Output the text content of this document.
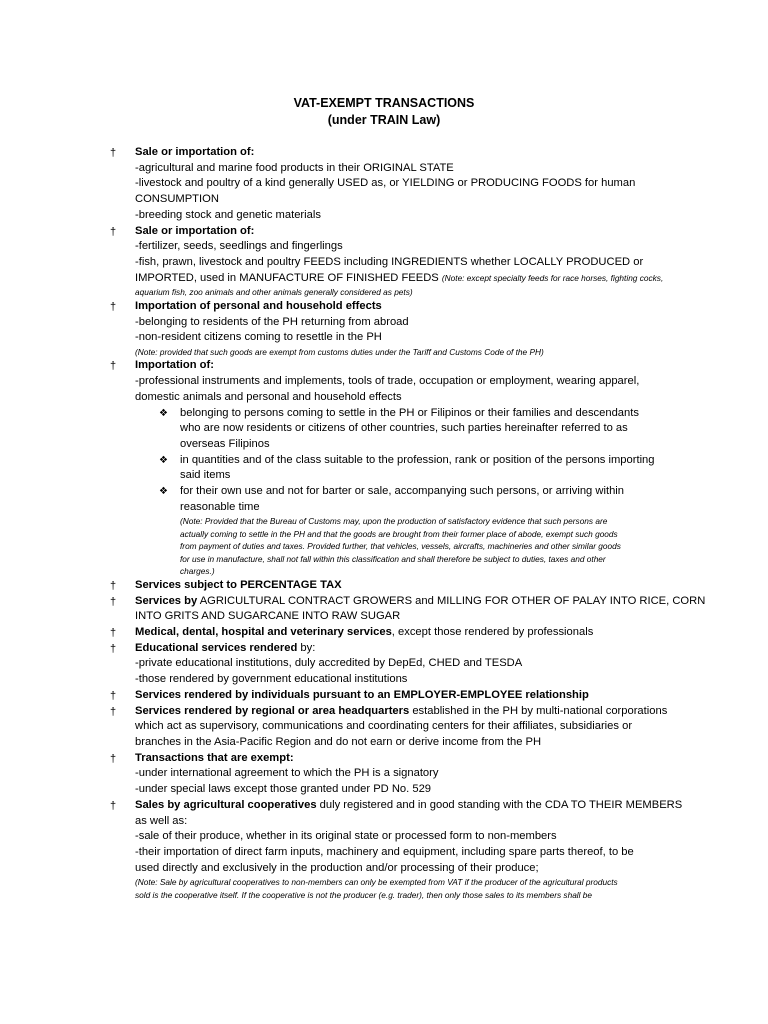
VAT-EXEMPT TRANSACTIONS
(under TRAIN Law)
†	Sale or importation of:
-agricultural and marine food products in their ORIGINAL STATE
-livestock and poultry of a kind generally USED as, or YIELDING or PRODUCING FOODS for human
CONSUMPTION
-breeding stock and genetic materials
†	Sale or importation of:
-fertilizer, seeds, seedlings and fingerlings
-fish, prawn, livestock and poultry FEEDS including INGREDIENTS whether LOCALLY PRODUCED or
IMPORTED, used in MANUFACTURE OF FINISHED FEEDS (Note: except specialty feeds for race horses, fighting cocks,
aquarium fish, zoo animals and other animals generally considered as pets)
†	Importation of personal and household effects
-belonging to residents of the PH returning from abroad
-non-resident citizens coming to resettle in the PH
(Note: provided that such goods are exempt from customs duties under the Tariff and Customs Code of the PH)
†	Importation of:
-professional instruments and implements, tools of trade, occupation or employment, wearing apparel,
domestic animals and personal and household effects
❖ belonging to persons coming to settle in the PH or Filipinos or their families and descendants
who are now residents or citizens of other countries, such parties hereinafter referred to as
overseas Filipinos
❖ in quantities and of the class suitable to the profession, rank or position of the persons importing
said items
❖ for their own use and not for barter or sale, accompanying such persons, or arriving within
reasonable time
(Note: Provided that the Bureau of Customs may, upon the production of satisfactory evidence that such persons are
actually coming to settle in the PH and that the goods are brought from their former place of abode, exempt such goods
from payment of duties and taxes. Provided further, that vehicles, vessels, aircrafts, machineries and other similar goods
for use in manufacture, shall not fall within this classification and shall therefore be subject to duties, taxes and other
charges.)
†	Services subject to PERCENTAGE TAX
†	Services by AGRICULTURAL CONTRACT GROWERS and MILLING FOR OTHER OF PALAY INTO RICE, CORN
INTO GRITS AND SUGARCANE INTO RAW SUGAR
†	Medical, dental, hospital and veterinary services, except those rendered by professionals
†	Educational services rendered by:
-private educational institutions, duly accredited by DepEd, CHED and TESDA
-those rendered by government educational institutions
†	Services rendered by individuals pursuant to an EMPLOYER-EMPLOYEE relationship
†	Services rendered by regional or area headquarters established in the PH by multi-national corporations
which act as supervisory, communications and coordinating centers for their affiliates, subsidiaries or
branches in the Asia-Pacific Region and do not earn or derive income from the PH
†	Transactions that are exempt:
-under international agreement to which the PH is a signatory
-under special laws except those granted under PD No. 529
†	Sales by agricultural cooperatives duly registered and in good standing with the CDA TO THEIR MEMBERS
as well as:
-sale of their produce, whether in its original state or processed form to non-members
-their importation of direct farm inputs, machinery and equipment, including spare parts thereof, to be
used directly and exclusively in the production and/or processing of their produce;
(Note: Sale by agricultural cooperatives to non-members can only be exempted from VAT if the producer of the agricultural products
sold is the cooperative itself. If the cooperative is not the producer (e.g. trader), then only those sales to its members shall be
